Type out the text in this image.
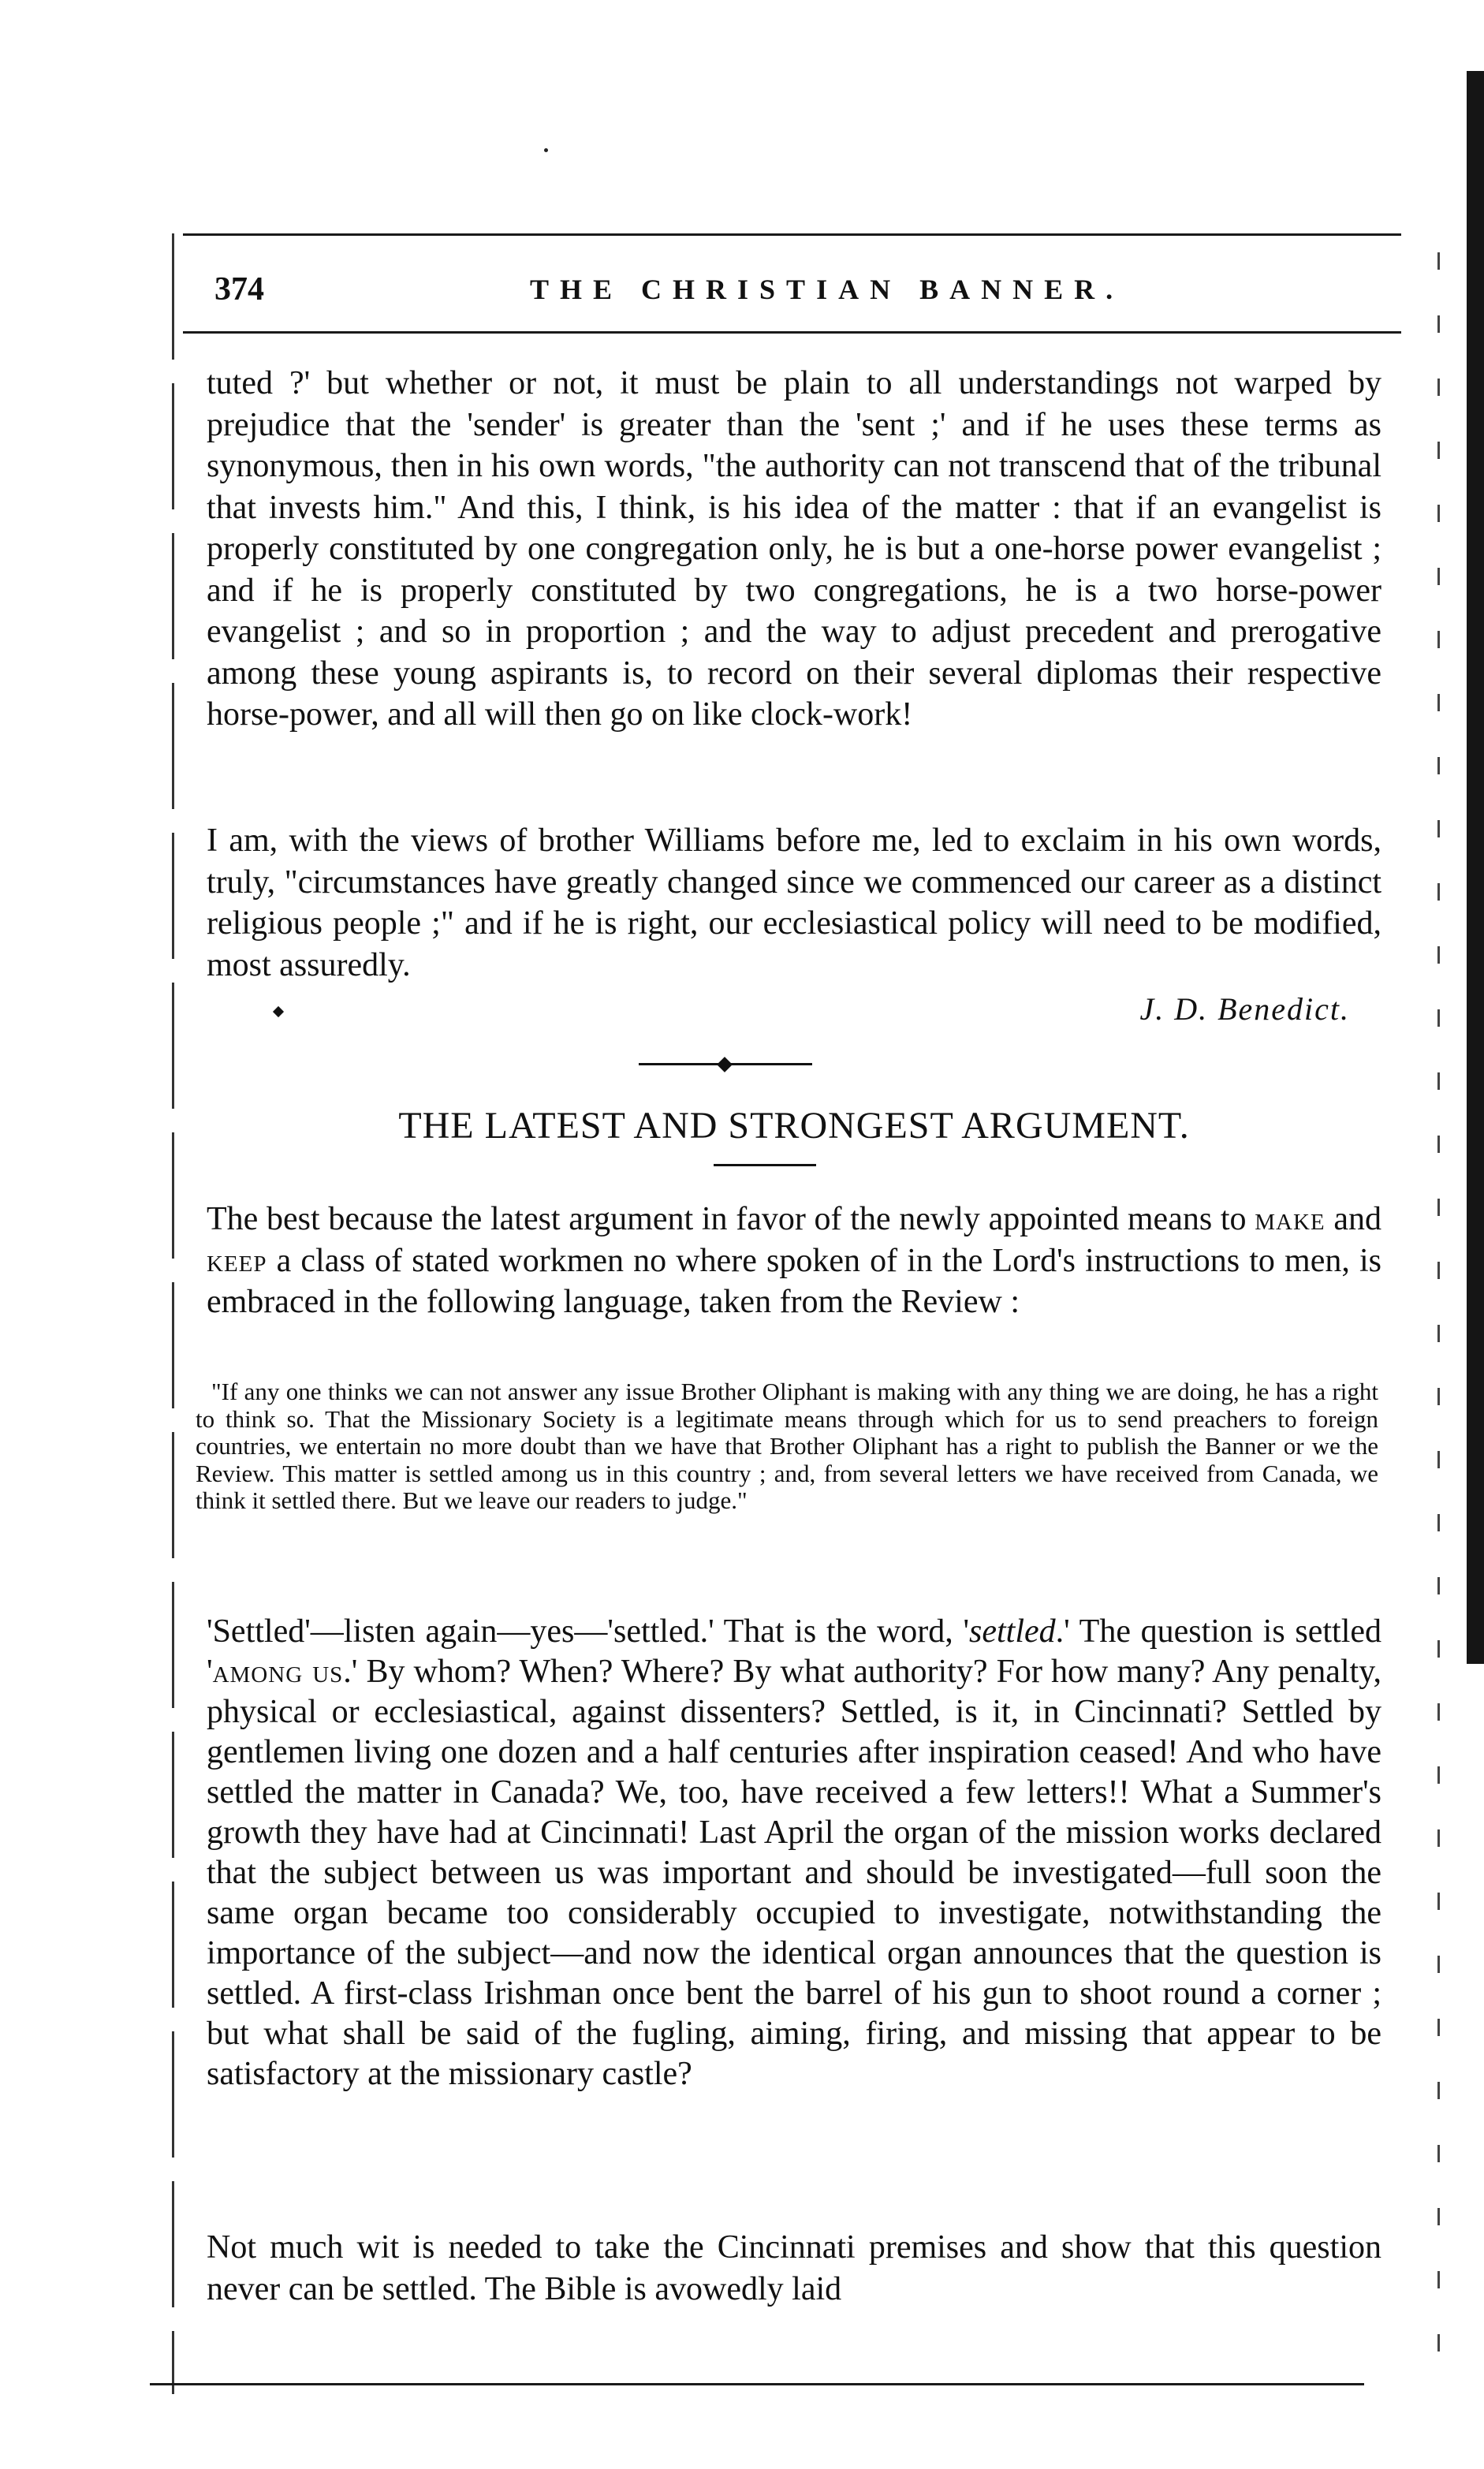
374	THE CHRISTIAN BANNER.

tuted ?' but whether or not, it must be plain to all understandings not warped by prejudice that the 'sender' is greater than the 'sent ;' and if he uses these terms as synonymous, then in his own words, "the authority can not transcend that of the tribunal that invests him." And this, I think, is his idea of the matter : that if an evangelist is properly constituted by one congregation only, he is but a one-horse power evangelist ; and if he is properly constituted by two congregations, he is a two horse-power evangelist ; and so in proportion ; and the way to adjust precedent and prerogative among these young aspirants is, to record on their several diplomas their respective horse-power, and all will then go on like clock-work!

I am, with the views of brother Williams before me, led to exclaim in his own words, truly, "circumstances have greatly changed since we commenced our career as a distinct religious people ;" and if he is right, our ecclesiastical policy will need to be modified, most assuredly.

J. D. Benedict.
THE LATEST AND STRONGEST ARGUMENT.

The best because the latest argument in favor of the newly appointed means to make and keep a class of stated workmen no where spoken of in the Lord's instructions to men, is embraced in the following language, taken from the Review :

"If any one thinks we can not answer any issue Brother Oliphant is making with any thing we are doing, he has a right to think so. That the Missionary Society is a legitimate means through which for us to send preachers to foreign countries, we entertain no more doubt than we have that Brother Oliphant has a right to publish the Banner or we the Review. This matter is settled among us in this country ; and, from several letters we have received from Canada, we think it settled there. But we leave our readers to judge."

'Settled'—listen again—yes—'settled.' That is the word, 'settled.' The question is settled 'among us.' By whom? When? Where? By what authority? For how many? Any penalty, physical or ecclesiastical, against dissenters? Settled, is it, in Cincinnati? Settled by gentlemen living one dozen and a half centuries after inspiration ceased! And who have settled the matter in Canada? We, too, have received a few letters!! What a Summer's growth they have had at Cincinnati! Last April the organ of the mission works declared that the subject between us was important and should be investigated—full soon the same organ became too considerably occupied to investigate, notwithstanding the importance of the subject—and now the identical organ announces that the question is settled. A first-class Irishman once bent the barrel of his gun to shoot round a corner ; but what shall be said of the fugling, aiming, firing, and missing that appear to be satisfactory at the missionary castle?

Not much wit is needed to take the Cincinnati premises and show that this question never can be settled. The Bible is avowedly laid
